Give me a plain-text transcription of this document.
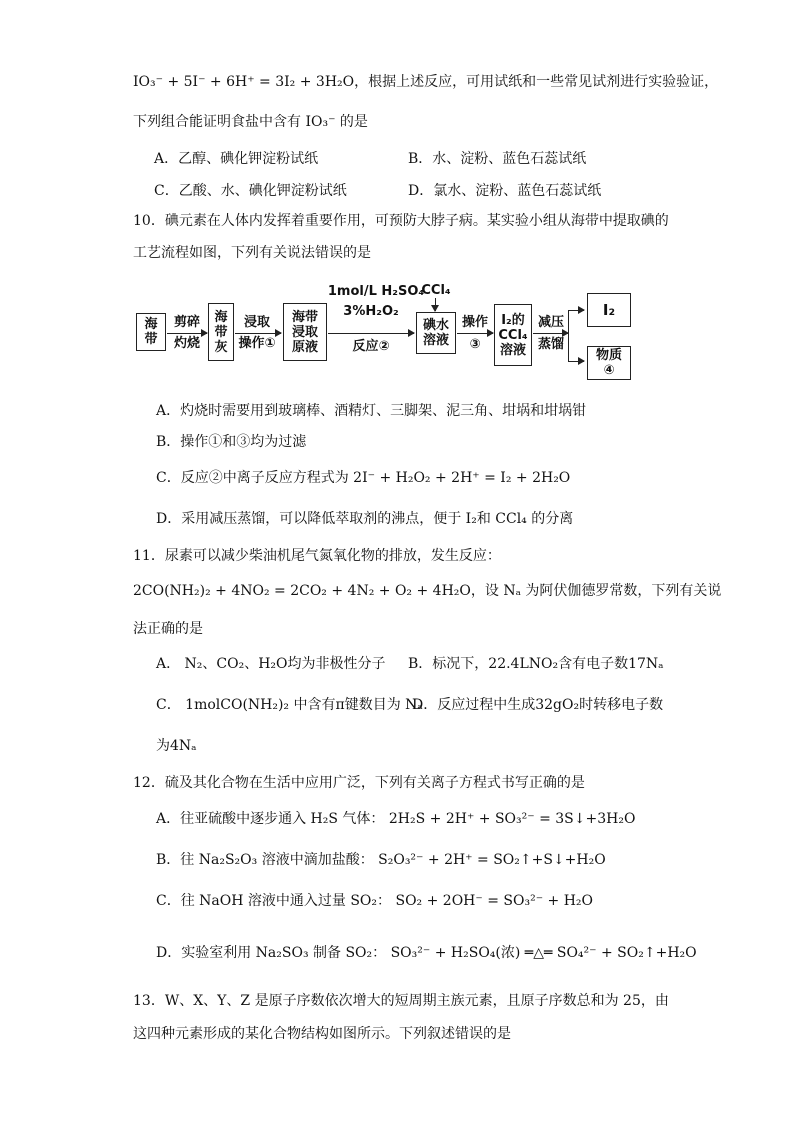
IO₃⁻ + 5I⁻ + 6H⁺ = 3I₂ + 3H₂O，根据上述反应，可用试纸和一些常见试剂进行实验验证，
下列组合能证明食盐中含有 IO₃⁻ 的是
A．乙醇、碘化钾淀粉试纸	B．水、淀粉、蓝色石蕊试纸
C．乙酸、水、碘化钾淀粉试纸	D．氯水、淀粉、蓝色石蕊试纸
10．碘元素在人体内发挥着重要作用，可预防大脖子病。某实验小组从海带中提取碘的
工艺流程如图，下列有关说法错误的是
海
带
剪碎
灼烧
海
带
灰
浸取
操作①
海带
浸取
原液
1mol/L H₂SO₄
3%H₂O₂
反应②
CCl₄
碘水
溶液
操作
③
I₂的
CCl₄
溶液
减压
蒸馏
I₂
物质
④
A．灼烧时需要用到玻璃棒、酒精灯、三脚架、泥三角、坩埚和坩埚钳
B．操作①和③均为过滤
C．反应②中离子反应方程式为 2I⁻ + H₂O₂ + 2H⁺ = I₂ + 2H₂O
D．采用减压蒸馏，可以降低萃取剂的沸点，便于 I₂和 CCl₄ 的分离
11．尿素可以减少柴油机尾气氮氧化物的排放，发生反应：
2CO(NH₂)₂ + 4NO₂ = 2CO₂ + 4N₂ + O₂ + 4H₂O，设 Nₐ 为阿伏伽德罗常数，下列有关说
法正确的是
A． N₂、CO₂、H₂O均为非极性分子 B．标况下，22.4LNO₂含有电子数17Nₐ
C． 1molCO(NH₂)₂ 中含有π键数目为 Nₐ
D．反应过程中生成32gO₂时转移电子数
为4Nₐ
12．硫及其化合物在生活中应用广泛，下列有关离子方程式书写正确的是
A．往亚硫酸中逐步通入 H₂S 气体： 2H₂S + 2H⁺ + SO₃²⁻ = 3S↓+3H₂O
B．往 Na₂S₂O₃ 溶液中滴加盐酸： S₂O₃²⁻ + 2H⁺ = SO₂↑+S↓+H₂O
C．往 NaOH 溶液中通入过量 SO₂： SO₂ + 2OH⁻ = SO₃²⁻ + H₂O
D．实验室利用 Na₂SO₃ 制备 SO₂： SO₃²⁻ + H₂SO₄(浓) ═△═ SO₄²⁻ + SO₂↑+H₂O
13．W、X、Y、Z 是原子序数依次增大的短周期主族元素，且原子序数总和为 25，由
这四种元素形成的某化合物结构如图所示。下列叙述错误的是
